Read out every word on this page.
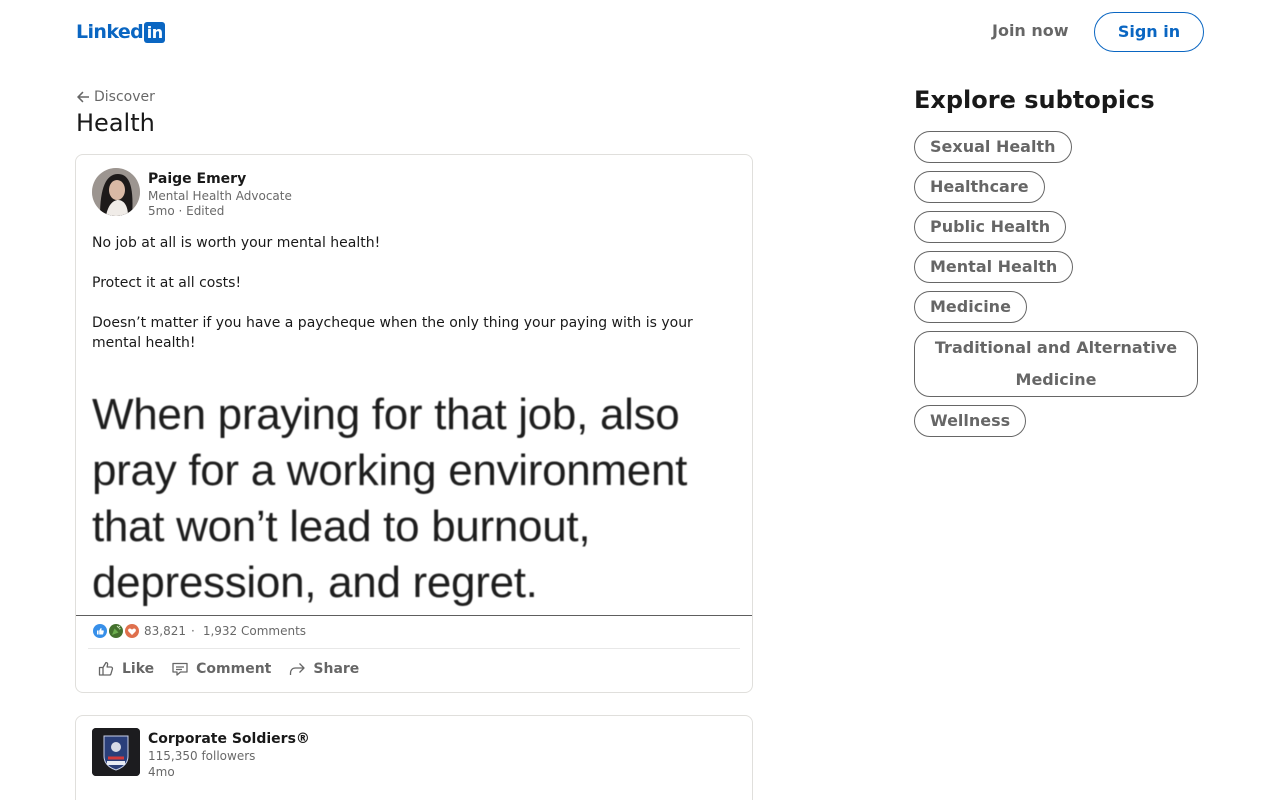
Linked in	Join now	Sign in
Discover
Health
Paige Emery
Mental Health Advocate
5mo · Edited

No job at all is worth your mental health!

Protect it at all costs!

Doesn’t matter if you have a paycheque when the only thing your paying with is your mental health!

When praying for that job, also pray for a working environment that won’t lead to burnout, depression, and regret.
83,821 · 1,932 Comments
Like	Comment	Share
Corporate Soldiers®
115,350 followers
4mo
Explore subtopics
Sexual Health
Healthcare
Public Health
Mental Health
Medicine
Traditional and Alternative Medicine
Wellness
